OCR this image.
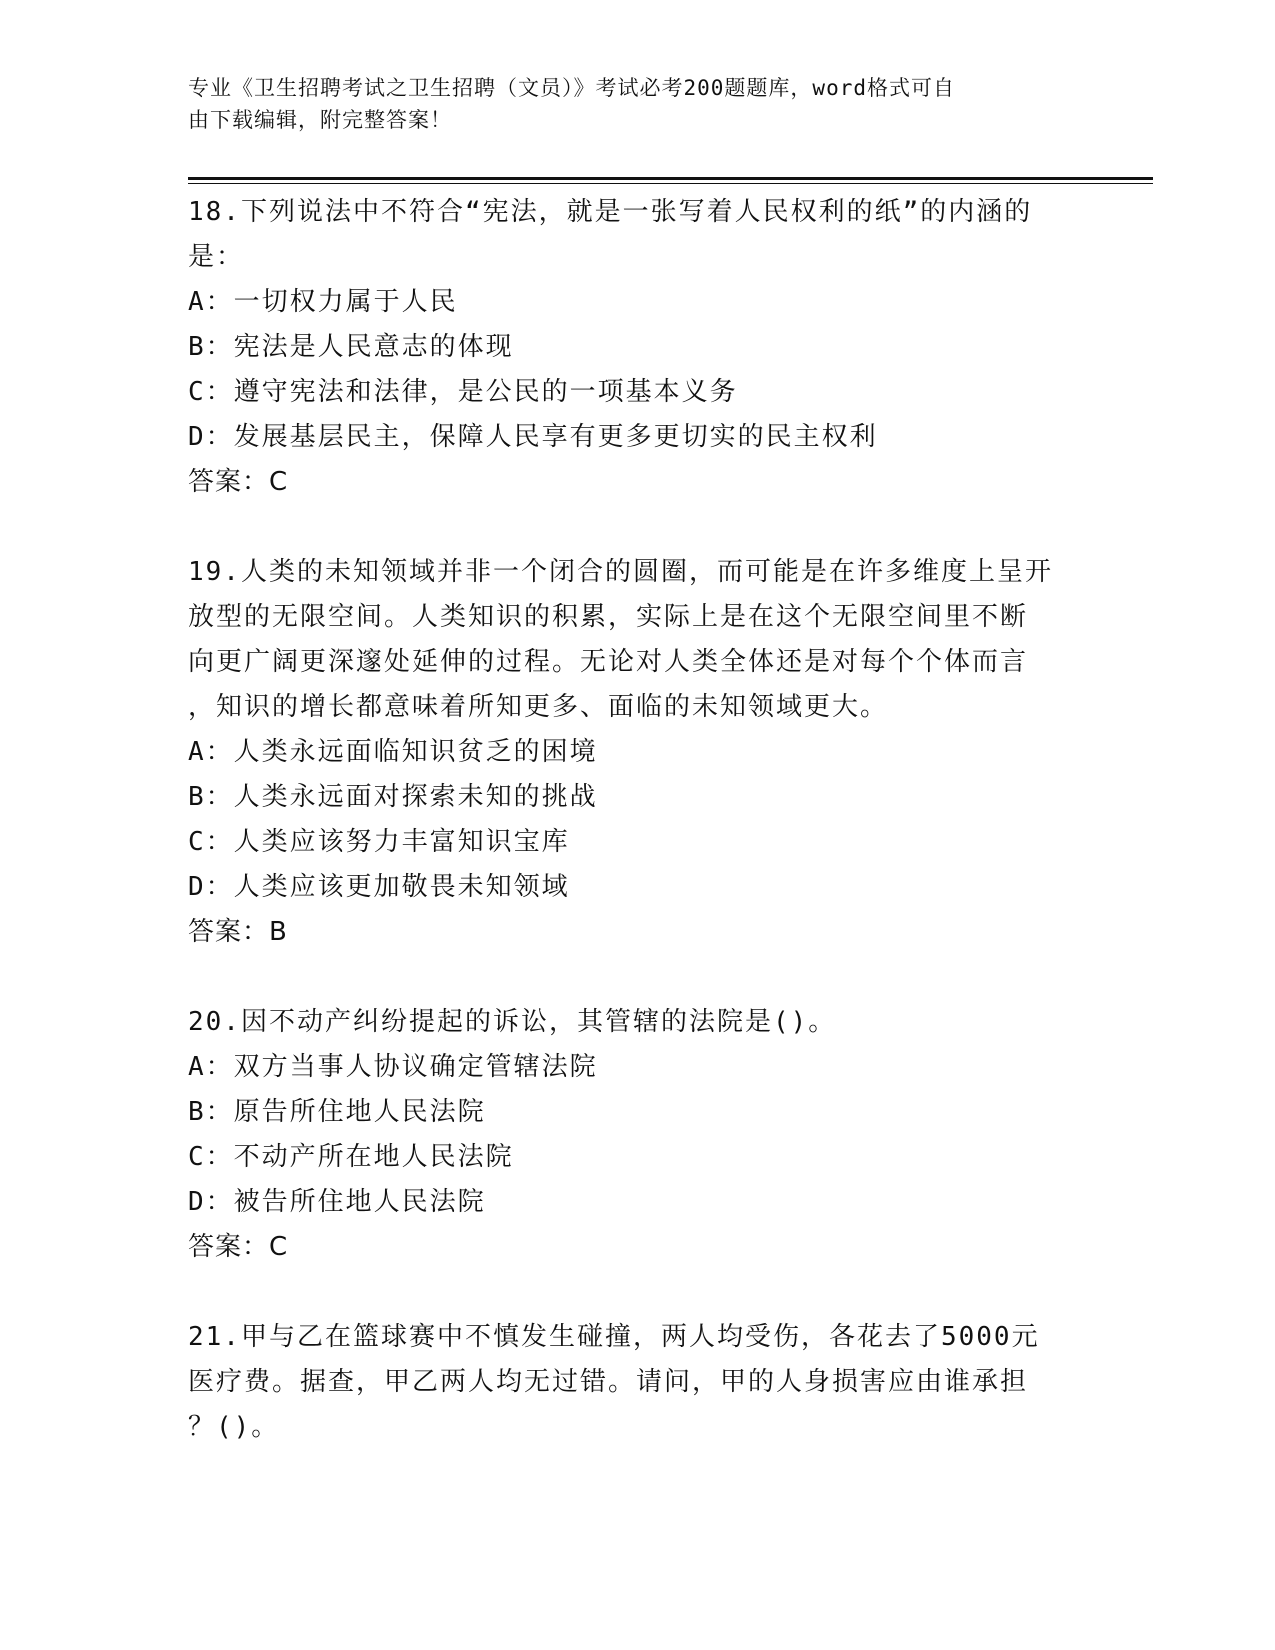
专业《卫生招聘考试之卫生招聘（文员）》考试必考200题题库，word格式可自
由下载编辑，附完整答案！

18.下列说法中不符合“宪法，就是一张写着人民权利的纸”的内涵的

是：

A：一切权力属于人民

B：宪法是人民意志的体现

C：遵守宪法和法律，是公民的一项基本义务

D：发展基层民主，保障人民享有更多更切实的民主权利

答案：C

19.人类的未知领域并非一个闭合的圆圈，而可能是在许多维度上呈开

放型的无限空间。人类知识的积累，实际上是在这个无限空间里不断

向更广阔更深邃处延伸的过程。无论对人类全体还是对每个个体而言

，知识的增长都意味着所知更多、面临的未知领域更大。

A：人类永远面临知识贫乏的困境

B：人类永远面对探索未知的挑战

C：人类应该努力丰富知识宝库

D：人类应该更加敬畏未知领域

答案：B

20.因不动产纠纷提起的诉讼，其管辖的法院是()。

A：双方当事人协议确定管辖法院

B：原告所住地人民法院

C：不动产所在地人民法院

D：被告所住地人民法院

答案：C

21.甲与乙在篮球赛中不慎发生碰撞，两人均受伤，各花去了5000元

医疗费。据查，甲乙两人均无过错。请问，甲的人身损害应由谁承担

？()。
